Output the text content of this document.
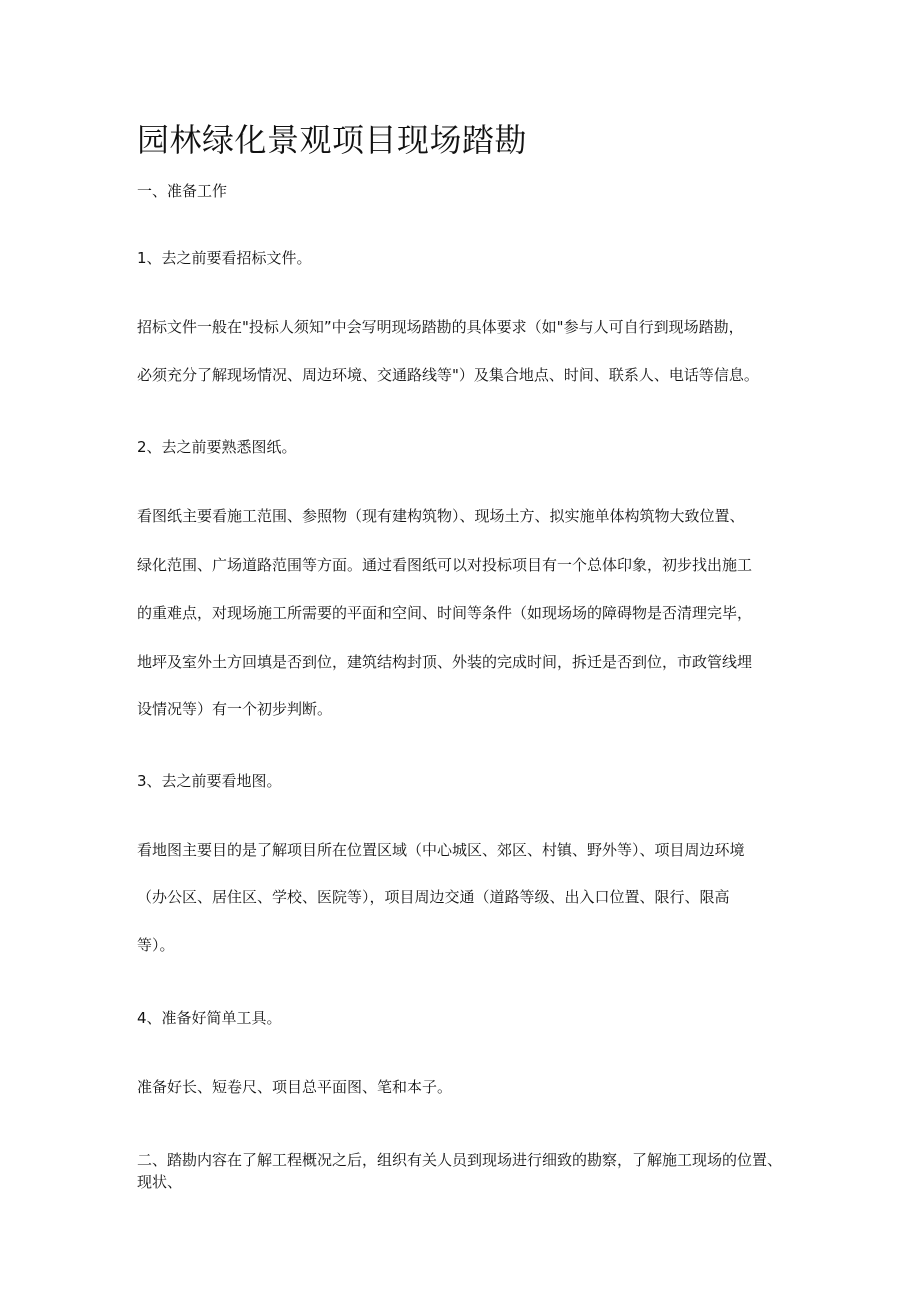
园林绿化景观项目现场踏勘
一、准备工作
1、去之前要看招标文件。
招标文件一般在"投标人须知”中会写明现场踏勘的具体要求（如"参与人可自行到现场踏勘，
必须充分了解现场情况、周边环境、交通路线等"）及集合地点、时间、联系人、电话等信息。
2、去之前要熟悉图纸。
看图纸主要看施工范围、参照物（现有建构筑物）、现场土方、拟实施单体构筑物大致位置、
绿化范围、广场道路范围等方面。通过看图纸可以对投标项目有一个总体印象，初步找出施工
的重难点，对现场施工所需要的平面和空间、时间等条件（如现场场的障碍物是否清理完毕，
地坪及室外土方回填是否到位，建筑结构封顶、外装的完成时间，拆迁是否到位，市政管线埋
设情况等）有一个初步判断。
3、去之前要看地图。
看地图主要目的是了解项目所在位置区域（中心城区、郊区、村镇、野外等）、项目周边环境
（办公区、居住区、学校、医院等），项目周边交通（道路等级、出入口位置、限行、限高
等）。
4、准备好简单工具。
准备好长、短卷尺、项目总平面图、笔和本子。
二、踏勘内容在了解工程概况之后，组织有关人员到现场进行细致的勘察，了解施工现场的位置、现状、
